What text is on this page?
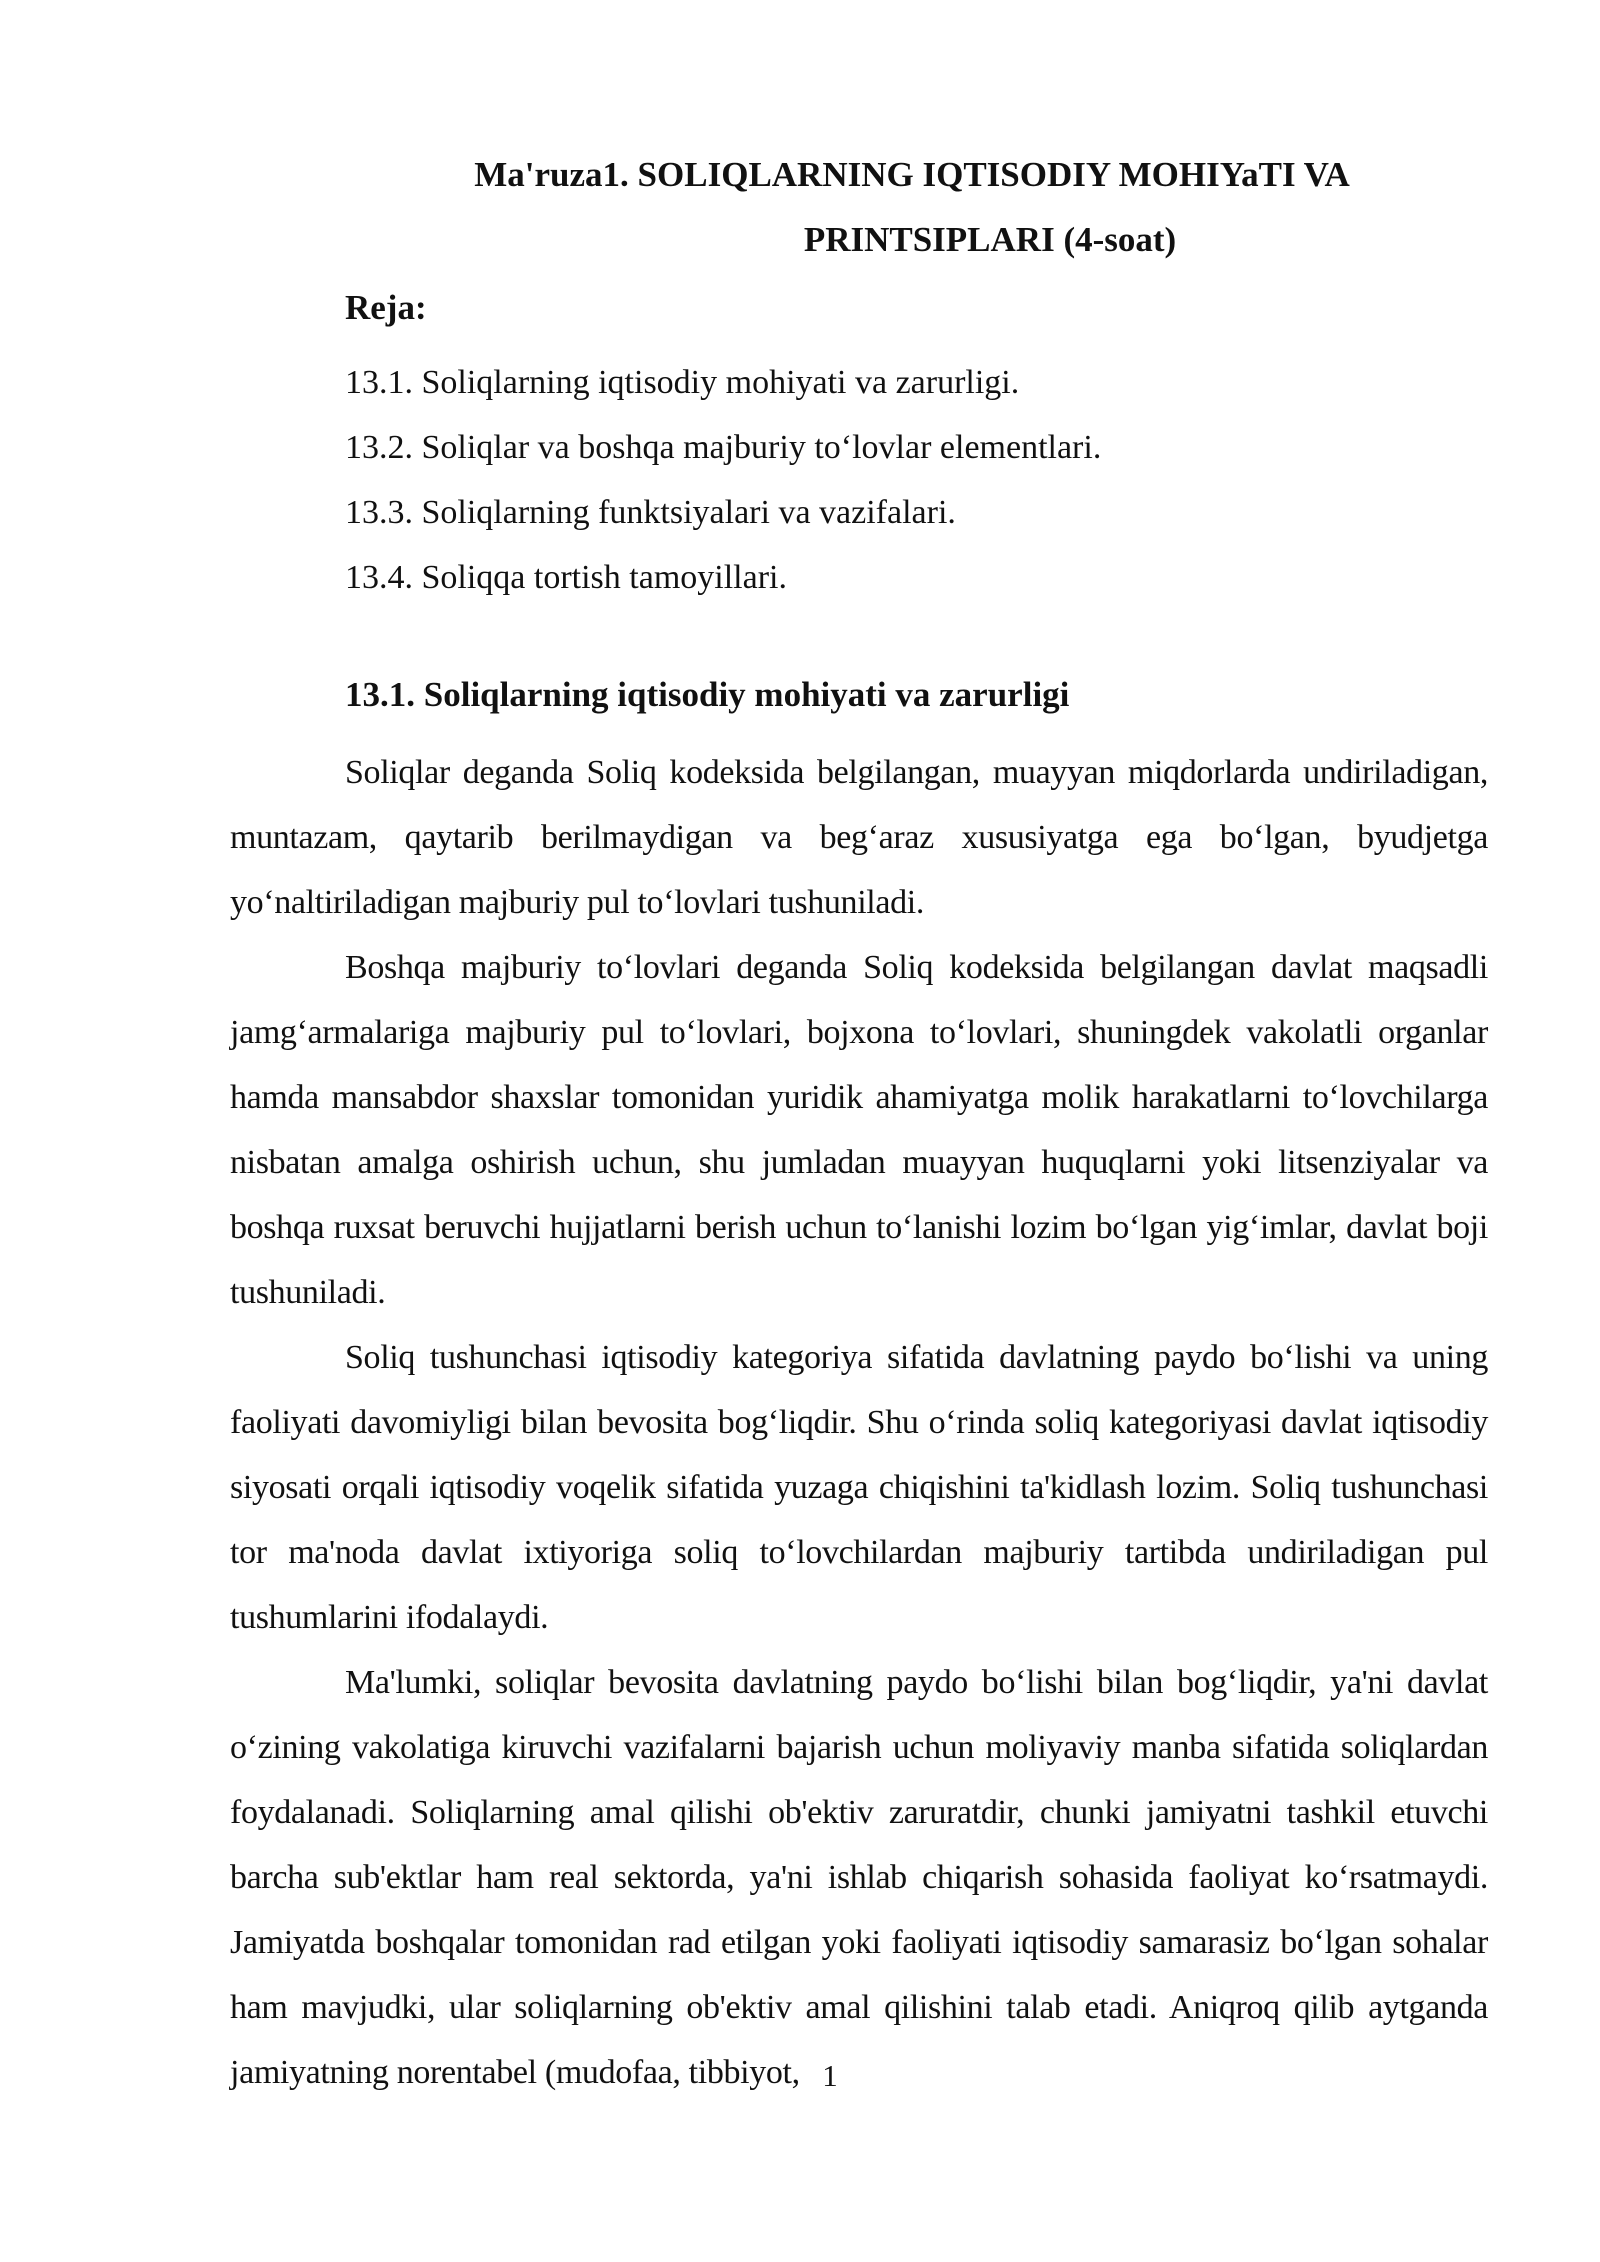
Ma'ruza1. SOLIQLARNING IQTISODIY MOHIYaTI VA
PRINTSIPLARI (4-soat)
Reja:
13.1. Soliqlarning iqtisodiy mohiyati va zarurligi.
13.2. Soliqlar va boshqa majburiy to‘lovlar elementlari.
13.3. Soliqlarning funktsiyalari va vazifalari.
13.4. Soliqqa tortish tamoyillari.
13.1. Soliqlarning iqtisodiy mohiyati va zarurligi

Soliqlar deganda Soliq kodeksida belgilangan, muayyan miqdorlarda undiriladigan, muntazam, qaytarib berilmaydigan va beg‘araz xususiyatga ega bo‘lgan, byudjetga yo‘naltiriladigan majburiy pul to‘lovlari tushuniladi.

Boshqa majburiy to‘lovlari deganda Soliq kodeksida belgilangan davlat maqsadli jamg‘armalariga majburiy pul to‘lovlari, bojxona to‘lovlari, shuningdek vakolatli organlar hamda mansabdor shaxslar tomonidan yuridik ahamiyatga molik harakatlarni to‘lovchilarga nisbatan amalga oshirish uchun, shu jumladan muayyan huquqlarni yoki litsenziyalar va boshqa ruxsat beruvchi hujjatlarni berish uchun to‘lanishi lozim bo‘lgan yig‘imlar, davlat boji tushuniladi.

Soliq tushunchasi iqtisodiy kategoriya sifatida davlatning paydo bo‘lishi va uning faoliyati davomiyligi bilan bevosita bog‘liqdir. Shu o‘rinda soliq kategoriyasi davlat iqtisodiy siyosati orqali iqtisodiy voqelik sifatida yuzaga chiqishini ta'kidlash lozim. Soliq tushunchasi tor ma'noda davlat ixtiyoriga soliq to‘lovchilardan majburiy tartibda undiriladigan pul tushumlarini ifodalaydi.

Ma'lumki, soliqlar bevosita davlatning paydo bo‘lishi bilan bog‘liqdir, ya'ni davlat o‘zining vakolatiga kiruvchi vazifalarni bajarish uchun moliyaviy manba sifatida soliqlardan foydalanadi. Soliqlarning amal qilishi ob'ektiv zaruratdir, chunki jamiyatni tashkil etuvchi barcha sub'ektlar ham real sektorda, ya'ni ishlab chiqarish sohasida faoliyat ko‘rsatmaydi. Jamiyatda boshqalar tomonidan rad etilgan yoki faoliyati iqtisodiy samarasiz bo‘lgan sohalar ham mavjudki, ular soliqlarning ob'ektiv amal qilishini talab etadi. Aniqroq qilib aytganda jamiyatning norentabel (mudofaa, tibbiyot, 1
